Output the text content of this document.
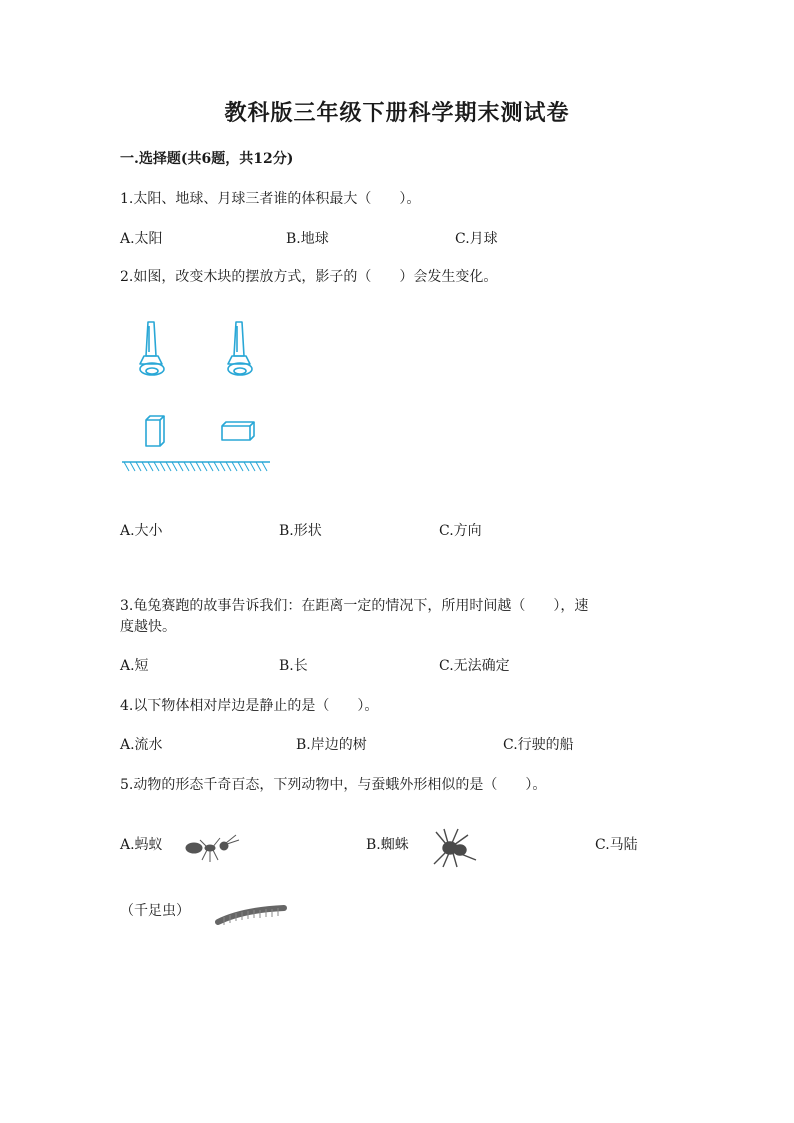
教科版三年级下册科学期末测试卷
一.选择题(共6题，共12分)
1.太阳、地球、月球三者谁的体积最大（　　）。
A.太阳	B.地球	C.月球
2.如图，改变木块的摆放方式，影子的（　　）会发生变化。
A.大小	B.形状	C.方向
3.龟兔赛跑的故事告诉我们：在距离一定的情况下，所用时间越（　　），速
度越快。
A.短	B.长	C.无法确定
4.以下物体相对岸边是静止的是（　　）。
A.流水	B.岸边的树	C.行驶的船
5.动物的形态千奇百态，下列动物中，与蚕蛾外形相似的是（　　）。
A.蚂蚁	B.蜘蛛	C.马陆
（千足虫）
